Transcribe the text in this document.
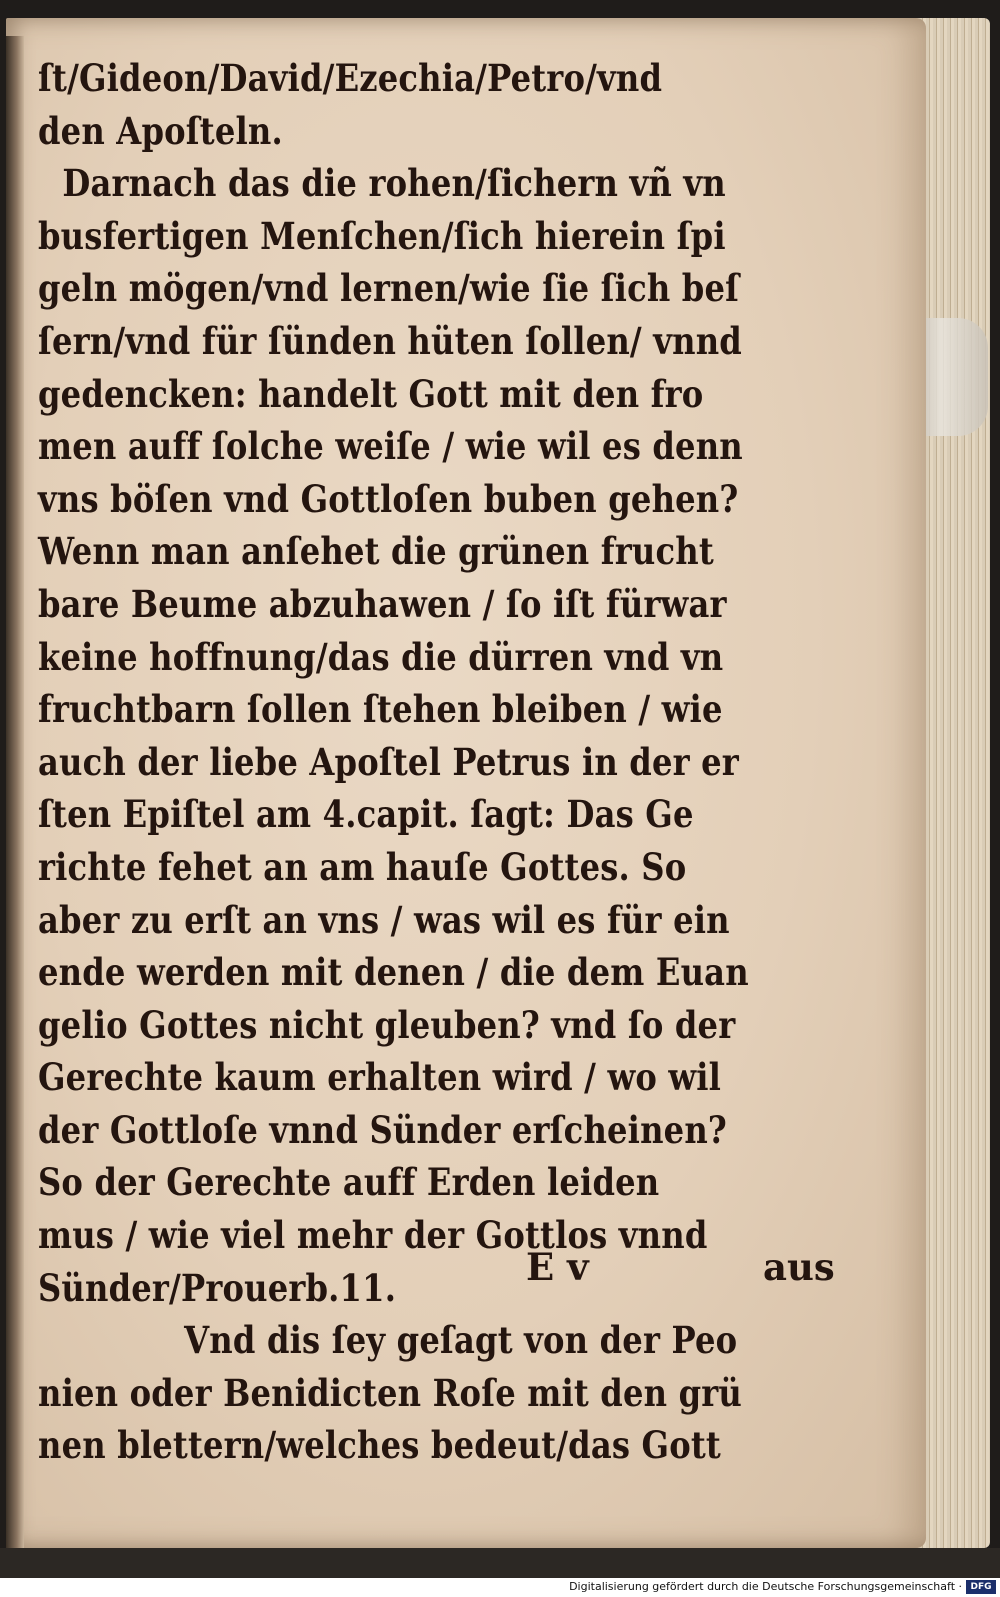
ſt/Gideon/David/Ezechia/Petro/vnd
den Apoſteln.
Darnach das die rohen/ſichern vñ vn
busfertigen Menſchen/ſich hierein ſpi
geln mögen/vnd lernen/wie ſie ſich beſ
ſern/vnd für ſünden hüten ſollen/ vnnd
gedencken: handelt Gott mit den fro
men auff ſolche weiſe / wie wil es denn
vns böſen vnd Gottloſen buben gehen?
Wenn man anſehet die grünen frucht
bare Beume abzuhawen / ſo iſt fürwar
keine hoffnung/das die dürren vnd vn
fruchtbarn ſollen ſtehen bleiben / wie
auch der liebe Apoſtel Petrus in der er
ſten Epiſtel am 4.capit. ſagt: Das Ge
richte fehet an am hauſe Gottes. So
aber zu erſt an vns / was wil es für ein
ende werden mit denen / die dem Euan
gelio Gottes nicht gleuben? vnd ſo der
Gerechte kaum erhalten wird / wo wil
der Gottloſe vnnd Sünder erſcheinen?
So der Gerechte auff Erden leiden
mus / wie viel mehr der Gottlos vnnd
Sünder/Prouerb.11.
Vnd dis ſey geſagt von der Peo
nien oder Benidicten Roſe mit den grü
nen blettern/welches bedeut/das Gott
E v	aus
Digitalisierung gefördert durch die Deutsche Forschungsgemeinschaft · DFG
